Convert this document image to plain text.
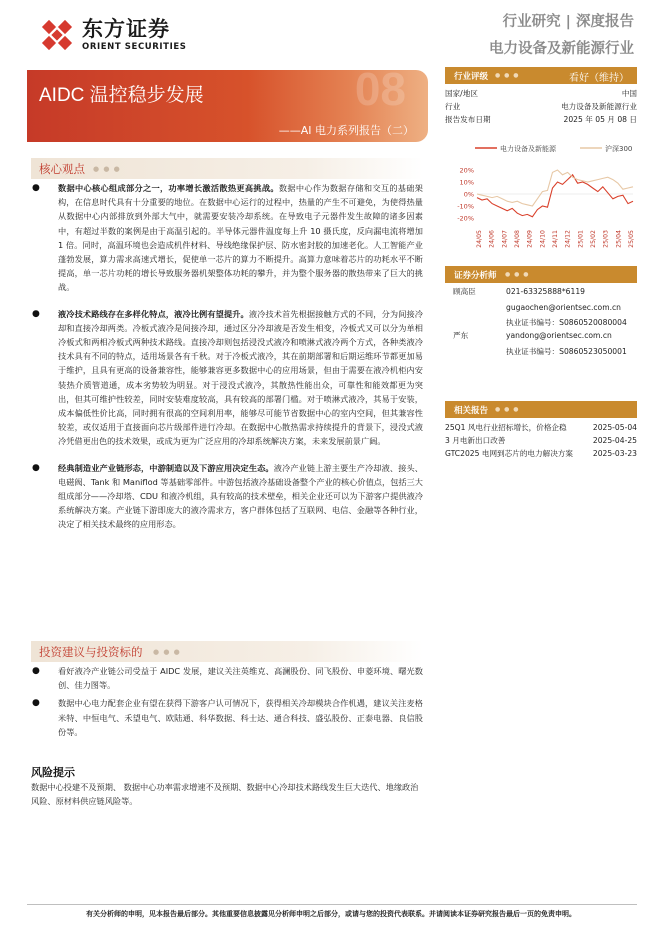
东方证券
ORIENT SECURITIES
行业研究 | 深度报告
电力设备及新能源行业
08
AIDC 温控稳步发展
——AI 电力系列报告（二）
核心观点 ● ● ●
● 数据中心核心组成部分之一，功率增长激活散热更高挑战。数据中心作为数据存储和交互的基础架构，在信息时代具有十分重要的地位。在数据中心运行的过程中，热量的产生不可避免，为使得热量从数据中心内部排放到外部大气中，就需要安装冷却系统。在导致电子元器件发生故障的诸多因素中，有超过半数的案例是由于高温引起的。半导体元器件温度每上升 10 摄氏度，反向漏电流将增加 1 倍。同时，高温环境也会造成机件材料、导线绝缘保护层、防水密封胶的加速老化。人工智能产业蓬勃发展，算力需求高速式增长，促使单一芯片的算力不断提升。高算力意味着芯片的功耗水平不断提高，单一芯片功耗的增长导致服务器机架整体功耗的攀升，并为整个服务器的散热带来了巨大的挑战。
● 液冷技术路线存在多样化特点，液冷比例有望提升。液冷技术首先根据接触方式的不同，分为间接冷却和直接冷却两类。冷板式液冷是间接冷却，通过区分冷却液是否发生相变，冷板式又可以分为单相冷板式和两相冷板式两种技术路线。直接冷却则包括浸没式液冷和喷淋式液冷两个方式，各种类液冷技术具有不同的特点，适用场景各有千秋。对于冷板式液冷，其在前期部署和后期运维环节都更加易于维护，且具有更高的设备兼容性，能够兼容更多数据中心的应用场景，但由于需要在液冷机柜内安装热介质管道通，成本劣势较为明显。对于浸没式液冷，其散热性能出众，可靠性和能效都更为突出，但其可维护性较差，同时安装难度较高，具有较高的部署门槛。对于喷淋式液冷，其易于安装，成本偏低性价比高，同时拥有很高的空间利用率，能够尽可能节省数据中心的室内空间，但其兼容性较差，或仅适用于直接面向芯片级部件进行冷却。在数据中心散热需求持续提升的背景下，浸没式液冷凭借更出色的技术效果，或成为更为广泛应用的冷却系统解决方案，未来发展前景广阔。
● 经典制造业产业链形态，中游制造以及下游应用决定生态。液冷产业链上游主要生产冷却液、接头、电磁阀、Tank 和 Maniflod 等基础零部件。中游包括液冷基础设备整个产业的核心价值点，包括三大组成部分——冷却塔、CDU 和液冷机组，具有较高的技术壁垒，相关企业还可以为下游客户提供液冷系统解决方案。产业链下游即庞大的液冷需求方，客户群体包括了互联网、电信、金融等各种行业，决定了相关技术最终的应用形态。
投资建议与投资标的 ● ● ●
● 看好液冷产业链公司受益于 AIDC 发展，建议关注英维克、高澜股份、同飞股份、申菱环境、曙光数创、佳力图等。
● 数据中心电力配套企业有望在获得下游客户认可情况下，获得相关冷却模块合作机遇，建议关注麦格米特、中恒电气、禾望电气、欧陆通、科华数据、科士达、通合科技、盛弘股份、正泰电器、良信股份等。
风险提示
数据中心投建不及预期、 数据中心功率需求增速不及预期、数据中心冷却技术路线发生巨大迭代、地缘政治风险、原材料供应链风险等。
行业评级 ● ● ●	看好（维持）
国家/地区	中国
行业	电力设备及新能源行业
报告发布日期	2025 年 05 月 08 日
电力设备及新能源	沪深300
24/05 24/06 24/07 24/08 24/09 24/10 24/11 24/12 25/01 25/02 25/03 25/04 25/05
20%
10%
0%
-10%
-20%
证券分析师 ● ● ●
顾高臣	021-63325888*6119
gugaochen@orientsec.com.cn
执业证书编号：S0860520080004
严东	yandong@orientsec.com.cn
执业证书编号：S0860523050001
相关报告 ● ● ●
25Q1 风电行业招标增长，价格企稳	2025-05-04
3 月电新出口改善	2025-04-25
GTC2025 电网到芯片的电力解决方案	2025-03-23
有关分析师的申明，见本报告最后部分。其他重要信息披露见分析师申明之后部分，或请与您的投资代表联系。并请阅读本证券研究报告最后一页的免责申明。
